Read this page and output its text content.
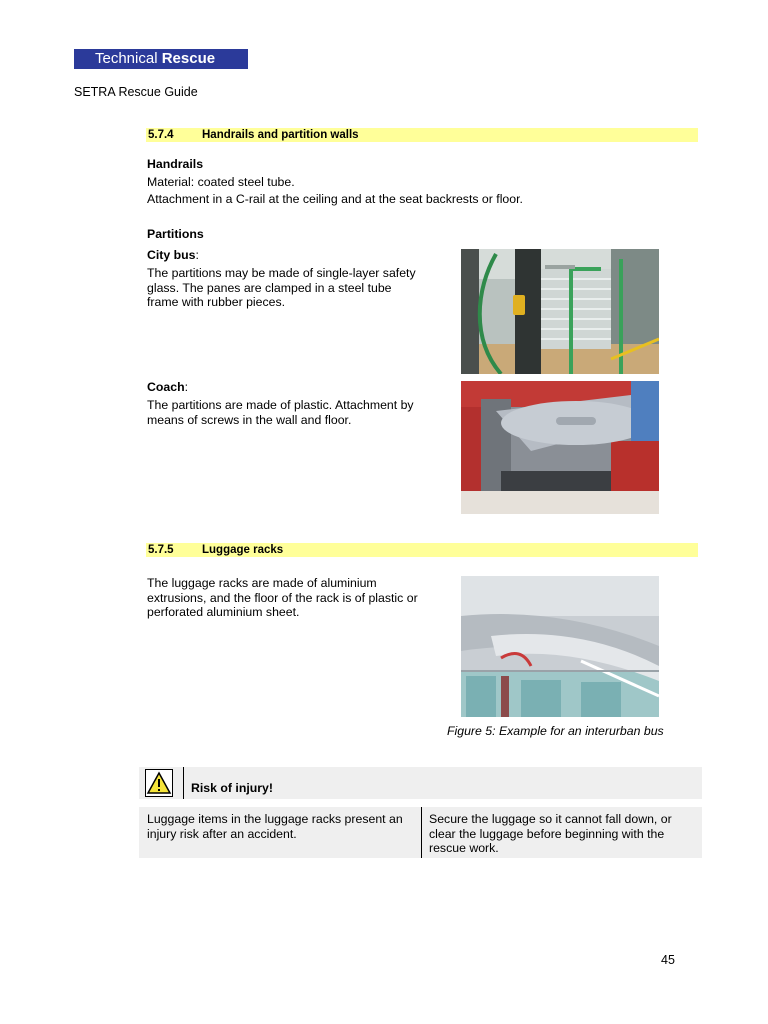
Technical Rescue
SETRA Rescue Guide
5.7.4 Handrails and partition walls
Handrails
Material: coated steel tube.
Attachment in a C-rail at the ceiling and at the seat backrests or floor.
Partitions
City bus:
The partitions may be made of single-layer safety glass. The panes are clamped in a steel tube frame with rubber pieces.
Coach:
The partitions are made of plastic. Attachment by means of screws in the wall and floor.
5.7.5 Luggage racks
The luggage racks are made of aluminium extrusions, and the floor of the rack is of plastic or perforated aluminium sheet.
Figure 5: Example for an interurban bus
Risk of injury!
Luggage items in the luggage racks present an injury risk after an accident.
Secure the luggage so it cannot fall down, or clear the luggage before beginning with the rescue work.
45
